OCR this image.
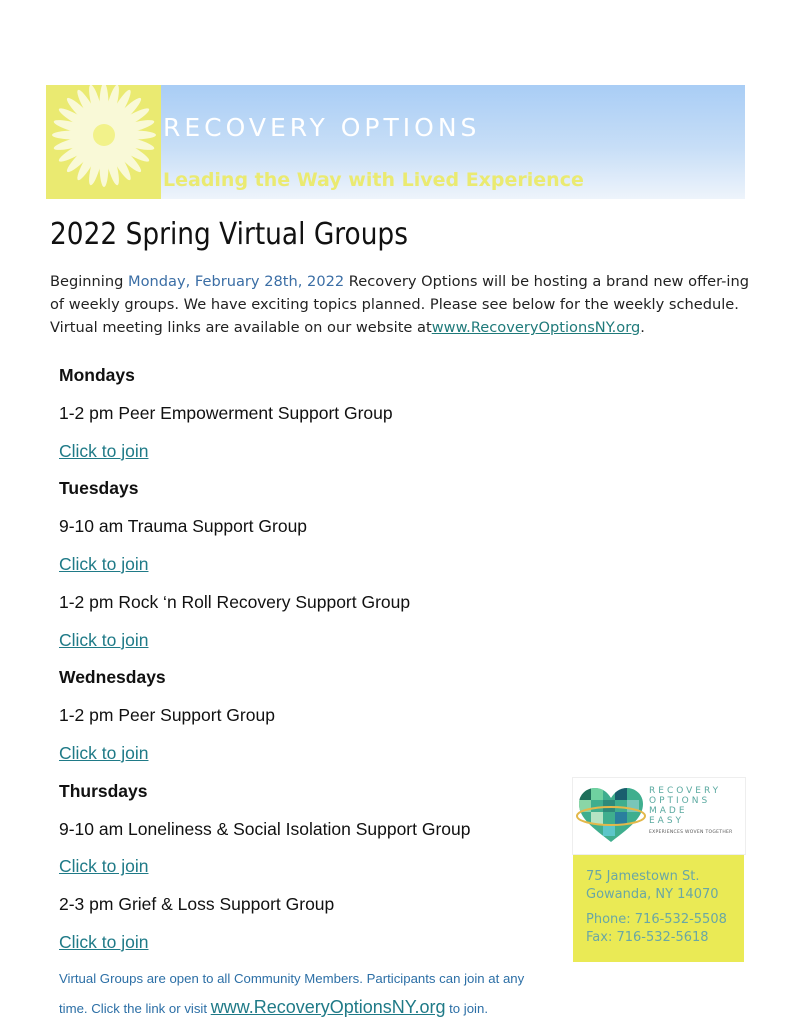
RECOVERY OPTIONS
Leading the Way with Lived Experience
2022 Spring Virtual Groups
Beginning Monday, February 28th, 2022 Recovery Options will be hosting a brand new offer-ing of weekly groups. We have exciting topics planned. Please see below for the weekly schedule. Virtual meeting links are available on our website atwww.RecoveryOptionsNY.org.
Mondays
1-2 pm Peer Empowerment Support Group
Click to join
Tuesdays
9-10 am Trauma Support Group
Click to join
1-2 pm Rock ‘n Roll Recovery Support Group
Click to join
Wednesdays
1-2 pm Peer Support Group
Click to join
Thursdays
9-10 am Loneliness & Social Isolation Support Group
Click to join
2-3 pm Grief & Loss Support Group
Click to join
Virtual Groups are open to all Community Members. Participants can join at any
time. Click the link or visit www.RecoveryOptionsNY.org to join.
RECOVERY
OPTIONS
MADE
EASY
EXPERIENCES WOVEN TOGETHER
75 Jamestown St.
Gowanda, NY 14070
Phone: 716-532-5508
Fax: 716-532-5618
